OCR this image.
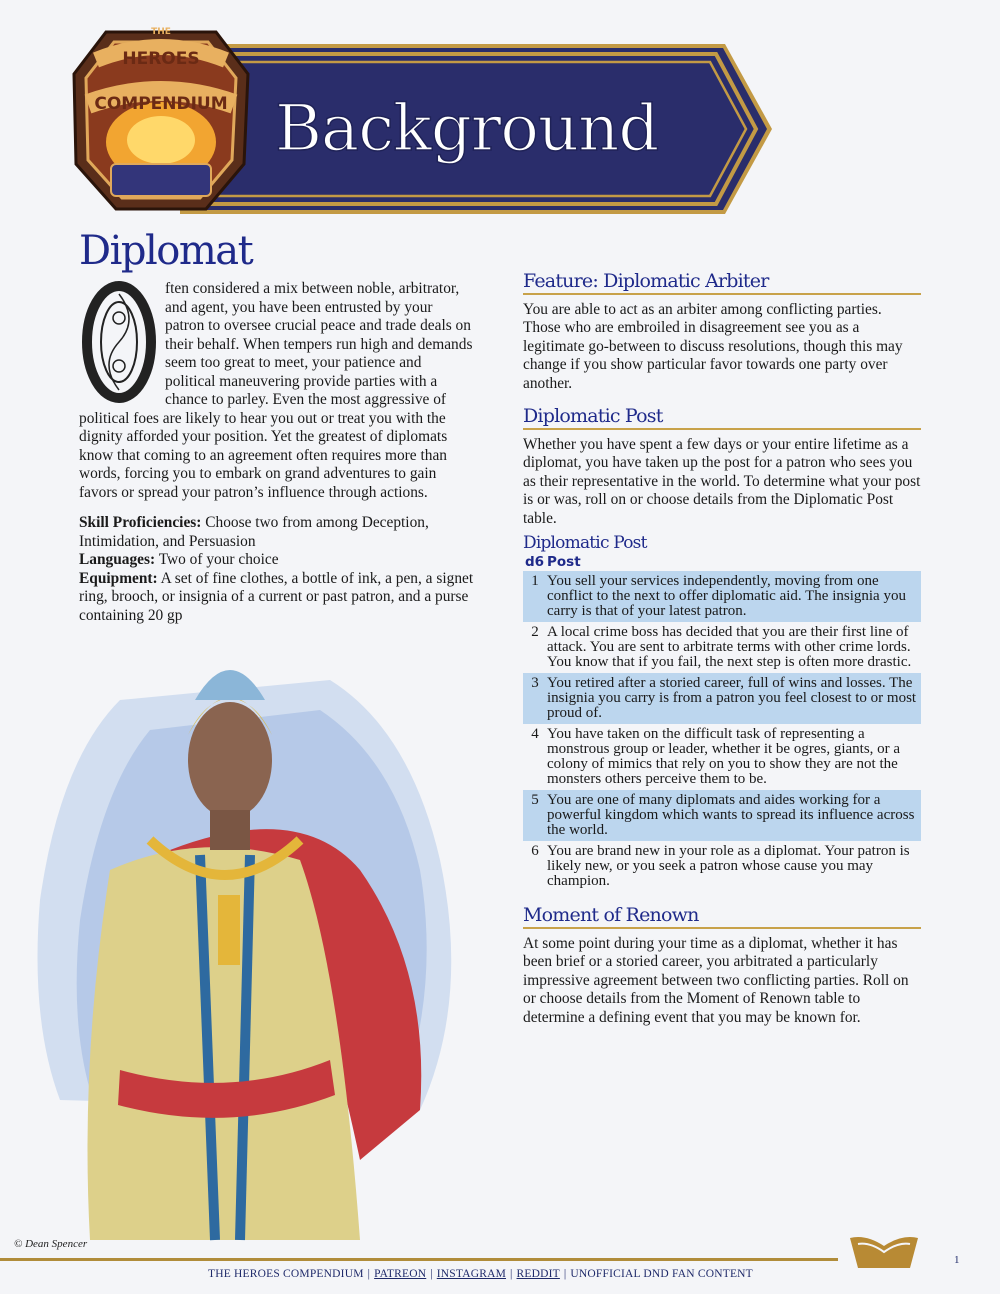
Background
THE
HEROES
COMPENDIUM
Diplomat
O

ften considered a mix between noble, arbitrator, and agent, you have been entrusted by your patron to oversee crucial peace and trade deals on their behalf. When tempers run high and demands seem too great to meet, your patience and political maneuvering provide parties with a chance to parley. Even the most aggressive of political foes are likely to hear you out or treat you with the dignity afforded your position. Yet the greatest of diplomats know that coming to an agreement often requires more than words, forcing you to embark on grand adventures to gain favors or spread your patron’s influence through actions.

Skill Proficiencies: Choose two from among Deception, Intimidation, and Persuasion

Languages: Two of your choice

Equipment: A set of fine clothes, a bottle of ink, a pen, a signet ring, brooch, or insignia of a current or past patron, and a purse containing 20 gp

© Dean Spencer
Feature: Diplomatic Arbiter

You are able to act as an arbiter among conflicting parties. Those who are embroiled in disagreement see you as a legitimate go-between to discuss resolutions, though this may change if you show particular favor towards one party over another.

Diplomatic Post

Whether you have spent a few days or your entire lifetime as a diplomat, you have taken up the post for a patron who sees you as their representative in the world. To determine what your post is or was, roll on or choose details from the Diplomatic Post table.

Diplomatic Post
d6 Post
1 You sell your services independently, moving from one conflict to the next to offer diplomatic aid. The insignia you carry is that of your latest patron.
2 A local crime boss has decided that you are their first line of attack. You are sent to arbitrate terms with other crime lords. You know that if you fail, the next step is often more drastic.
3 You retired after a storied career, full of wins and losses. The insignia you carry is from a patron you feel closest to or most proud of.
4 You have taken on the difficult task of representing a monstrous group or leader, whether it be ogres, giants, or a colony of mimics that rely on you to show they are not the monsters others perceive them to be.
5 You are one of many diplomats and aides working for a powerful kingdom which wants to spread its influence across the world.
6 You are brand new in your role as a diplomat. Your patron is likely new, or you seek a patron whose cause you may champion.
Moment of Renown

At some point during your time as a diplomat, whether it has been brief or a storied career, you arbitrated a particularly impressive agreement between two conflicting parties. Roll on or choose details from the Moment of Renown table to determine a defining event that you may be known for.

THE HEROES COMPENDIUM | PATREON | INSTAGRAM | REDDIT | UNOFFICIAL DND FAN CONTENT
1
